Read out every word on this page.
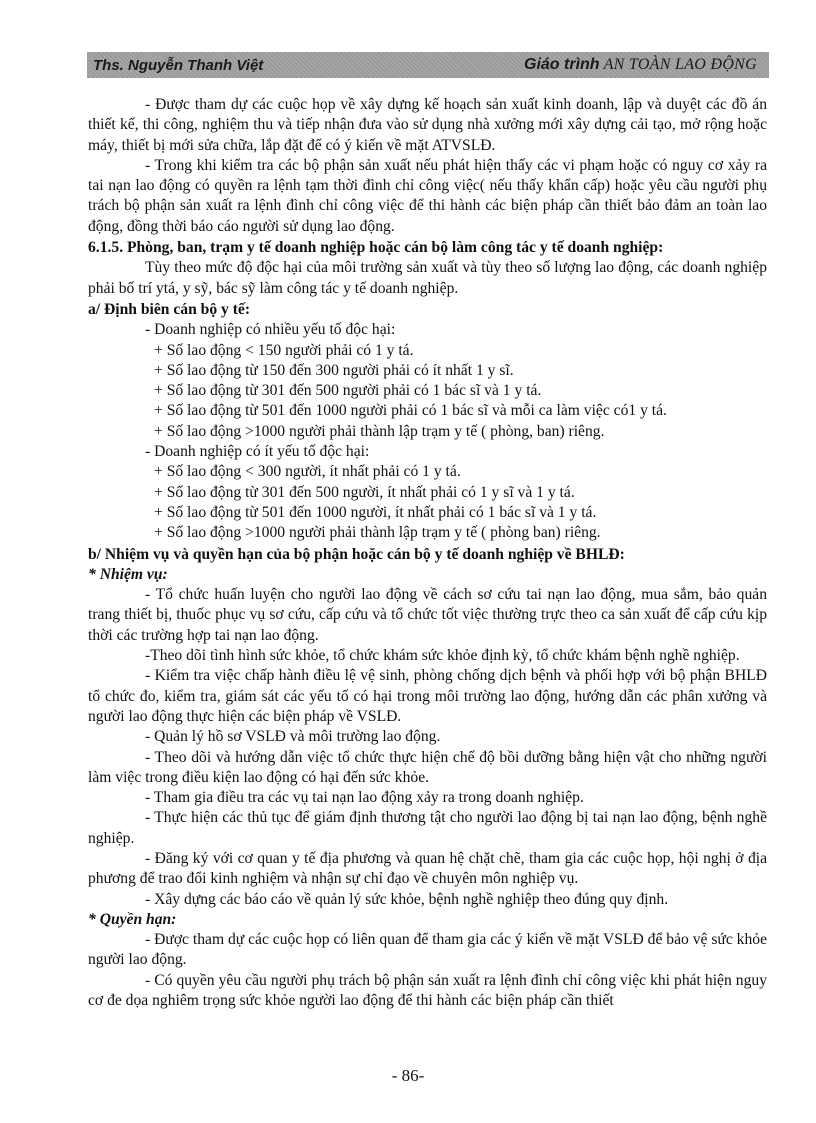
Ths. Nguyễn Thanh Việt	Giáo trình AN TOÀN LAO ĐỘNG

- Được tham dự các cuộc họp về xây dựng kế hoạch sản xuất kinh doanh, lập và duyệt các đồ án thiết kế, thi công, nghiệm thu và tiếp nhận đưa vào sử dụng nhà xưởng mới xây dựng cải tạo, mở rộng hoặc máy, thiết bị mới sửa chữa, lắp đặt để có ý kiến về mặt ATVSLĐ.

- Trong khi kiểm tra các bộ phận sản xuất nếu phát hiện thấy các vi phạm hoặc có nguy cơ xảy ra tai nạn lao động có quyền ra lệnh tạm thời đình chỉ công việc( nếu thấy khẩn cấp) hoặc yêu cầu người phụ trách bộ phận sản xuất ra lệnh đình chỉ công việc để thi hành các biện pháp cần thiết bảo đảm an toàn lao động, đồng thời báo cáo người sử dụng lao động.

6.1.5. Phòng, ban, trạm y tế doanh nghiệp hoặc cán bộ làm công tác y tế doanh nghiệp:

Tùy theo mức độ độc hại của môi trường sản xuất và tùy theo số lượng lao động, các doanh nghiệp phải bố trí ytá, y sỹ, bác sỹ làm công tác y tế doanh nghiệp.

a/ Định biên cán bộ y tế:

- Doanh nghiệp có nhiều yếu tố độc hại:

+ Số lao động < 150 người phải có 1 y tá.

+ Số lao động từ 150 đến 300 người phải có ít nhất 1 y sĩ.

+ Số lao động từ 301 đến 500 người phải có 1 bác sĩ và 1 y tá.

+ Số lao động từ 501 đến 1000 người phải có 1 bác sĩ và mỗi ca làm việc có1 y tá.

+ Số lao động >1000 người phải thành lập trạm y tế ( phòng, ban) riêng.

- Doanh nghiệp có ít yếu tố độc hại:

+ Số lao động < 300 người, ít nhất phải có 1 y tá.

+ Số lao động từ 301 đến 500 người, ít nhất phải có 1 y sĩ và 1 y tá.

+ Số lao động từ 501 đến 1000 người, ít nhất phải có 1 bác sĩ và 1 y tá.

+ Số lao động >1000 người phải thành lập trạm y tế ( phòng ban) riêng.

b/ Nhiệm vụ và quyền hạn của bộ phận hoặc cán bộ y tế doanh nghiệp về BHLĐ:

* Nhiệm vụ:

- Tổ chức huấn luyện cho người lao động về cách sơ cứu tai nạn lao động, mua sắm, bảo quản trang thiết bị, thuốc phục vụ sơ cứu, cấp cứu và tổ chức tốt việc thường trực theo ca sản xuất để cấp cứu kịp thời các trường hợp tai nạn lao động.

-Theo dõi tình hình sức khỏe, tổ chức khám sức khỏe định kỳ, tổ chức khám bệnh nghề nghiệp.

- Kiểm tra việc chấp hành điều lệ vệ sinh, phòng chống dịch bệnh và phối hợp với bộ phận BHLĐ tổ chức đo, kiểm tra, giám sát các yếu tố có hại trong môi trường lao động, hướng dẫn các phân xưởng và người lao động thực hiện các biện pháp về VSLĐ.

- Quản lý hồ sơ VSLĐ và môi trường lao động.

- Theo dõi và hướng dẫn việc tổ chức thực hiện chế độ bồi dưỡng bằng hiện vật cho những người làm việc trong điều kiện lao động có hại đến sức khỏe.

- Tham gia điều tra các vụ tai nạn lao động xảy ra trong doanh nghiệp.

- Thực hiện các thủ tục để giám định thương tật cho người lao động bị tai nạn lao động, bệnh nghề nghiệp.

- Đăng ký với cơ quan y tế địa phương và quan hệ chặt chẽ, tham gia các cuộc họp, hội nghị ở địa phương để trao đổi kinh nghiệm và nhận sự chỉ đạo về chuyên môn nghiệp vụ.

- Xây dựng các báo cáo về quản lý sức khỏe, bệnh nghề nghiệp theo đúng quy định.

* Quyền hạn:

- Được tham dự các cuộc họp có liên quan để tham gia các ý kiến về mặt VSLĐ để bảo vệ sức khỏe người lao động.

- Có quyền yêu cầu người phụ trách bộ phận sản xuất ra lệnh đình chỉ công việc khi phát hiện nguy cơ đe dọa nghiêm trọng sức khỏe người lao động để thi hành các biện pháp cần thiết

- 86-
